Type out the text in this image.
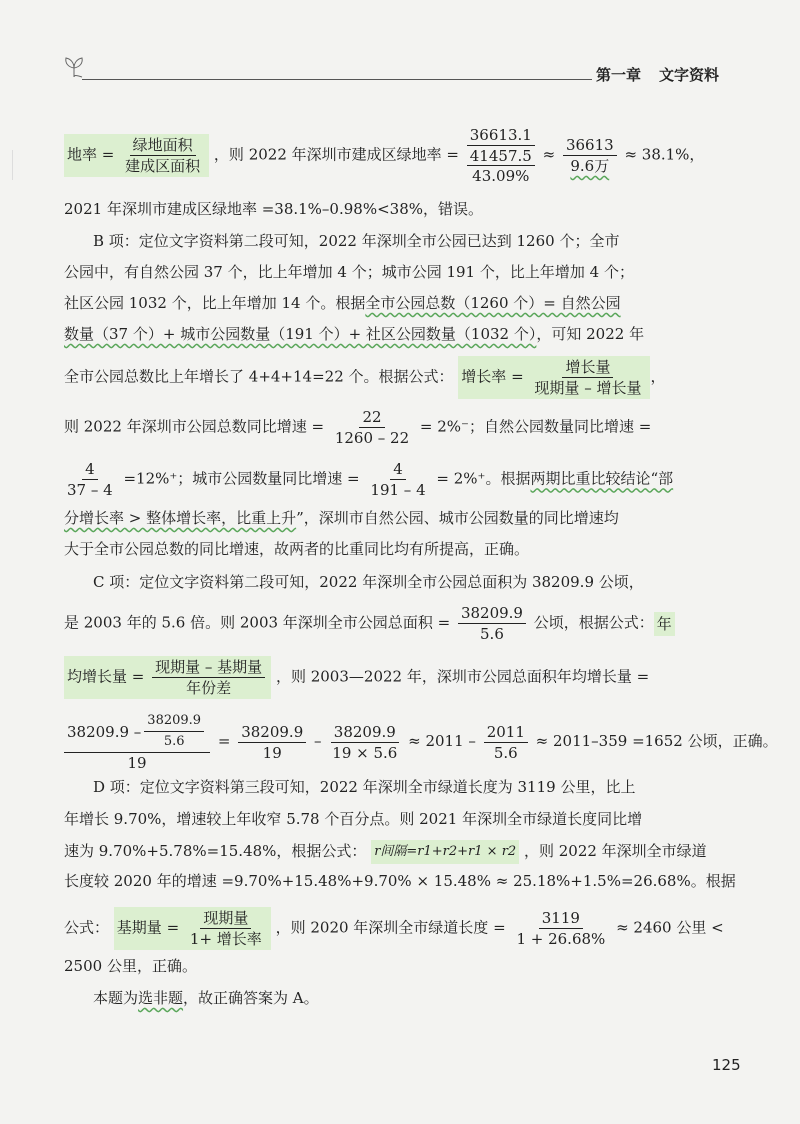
第一章 文字资料
地率 = $\frac{\text{绿地面积}}{\text{建成区面积}}$ ，则 2022 年深圳市建成区绿地率 =
36613.1
41457.5
43.09%
≈ $\frac{36613}{\text{9.6万}} \approx 38.1\%$，
2021 年深圳市建成区绿地率 =38.1%–0.98%<38%，错误。
B 项：定位文字资料第二段可知，2022 年深圳全市公园已达到 1260 个；全市
公园中，有自然公园 37 个，比上年增加 4 个；城市公园 191 个，比上年增加 4 个；
社区公园 1032 个，比上年增加 14 个。根据全市公园总数（1260 个）= 自然公园
数量（37 个）+ 城市公园数量（191 个）+ 社区公园数量（1032 个），可知 2022 年
全市公园总数比上年增长了 4+4+14=22 个。根据公式： 增长率 = $\frac{\text{增长量}}{\text{现期量 – 增长量}}$ ，
则 2022 年深圳市公园总数同比增速 = $\frac{22}{1260 - 22} = 2\%^-$；自然公园数量同比增速 =
$\frac{4}{37 - 4} =12\%^+$；城市公园数量同比增速 = $\frac{4}{191 - 4} = 2\%^+$。根据两期比重比较结论“部
分增长率 > 整体增长率，比重上升”，深圳市自然公园、城市公园数量的同比增速均
大于全市公园总数的同比增速，故两者的比重同比均有所提高，正确。
C 项：定位文字资料第二段可知，2022 年深圳全市公园总面积为 38209.9 公顷，
是 2003 年的 5.6 倍。则 2003 年深圳全市公园总面积 = $\frac{38209.9}{5.6}$ 公顷，根据公式： 年
均增长量 = $\frac{\text{现期量 – 基期量}}{\text{年份差}}$ ，则 2003—2022 年，深圳市公园总面积年均增长量 =
$\frac{38209.9 - \frac{38209.9}{5.6}}{19} = \frac{38209.9}{19} - \frac{38209.9}{19 \times 5.6} \approx 2011 - \frac{2011}{5.6} \approx 2011-359 =1652$ 公顷，正确。
D 项：定位文字资料第三段可知，2022 年深圳全市绿道长度为 3119 公里，比上
年增长 9.70%，增速较上年收窄 5.78 个百分点。则 2021 年深圳全市绿道长度同比增
速为 9.70%+5.78%=15.48%，根据公式： r间隔=r1+r2+r1 × r2 ，则 2022 年深圳全市绿道
长度较 2020 年的增速 =9.70%+15.48%+9.70% × 15.48% ≈ 25.18%+1.5%=26.68%。根据
公式： 基期量 = $\frac{\text{现期量}}{\text{1+ 增长率}}$ ，则 2020 年深圳全市绿道长度 = $\frac{3119}{1 + 26.68\%} \approx 2460$ 公里 <
2500 公里，正确。
本题为选非题，故正确答案为 A。
125
